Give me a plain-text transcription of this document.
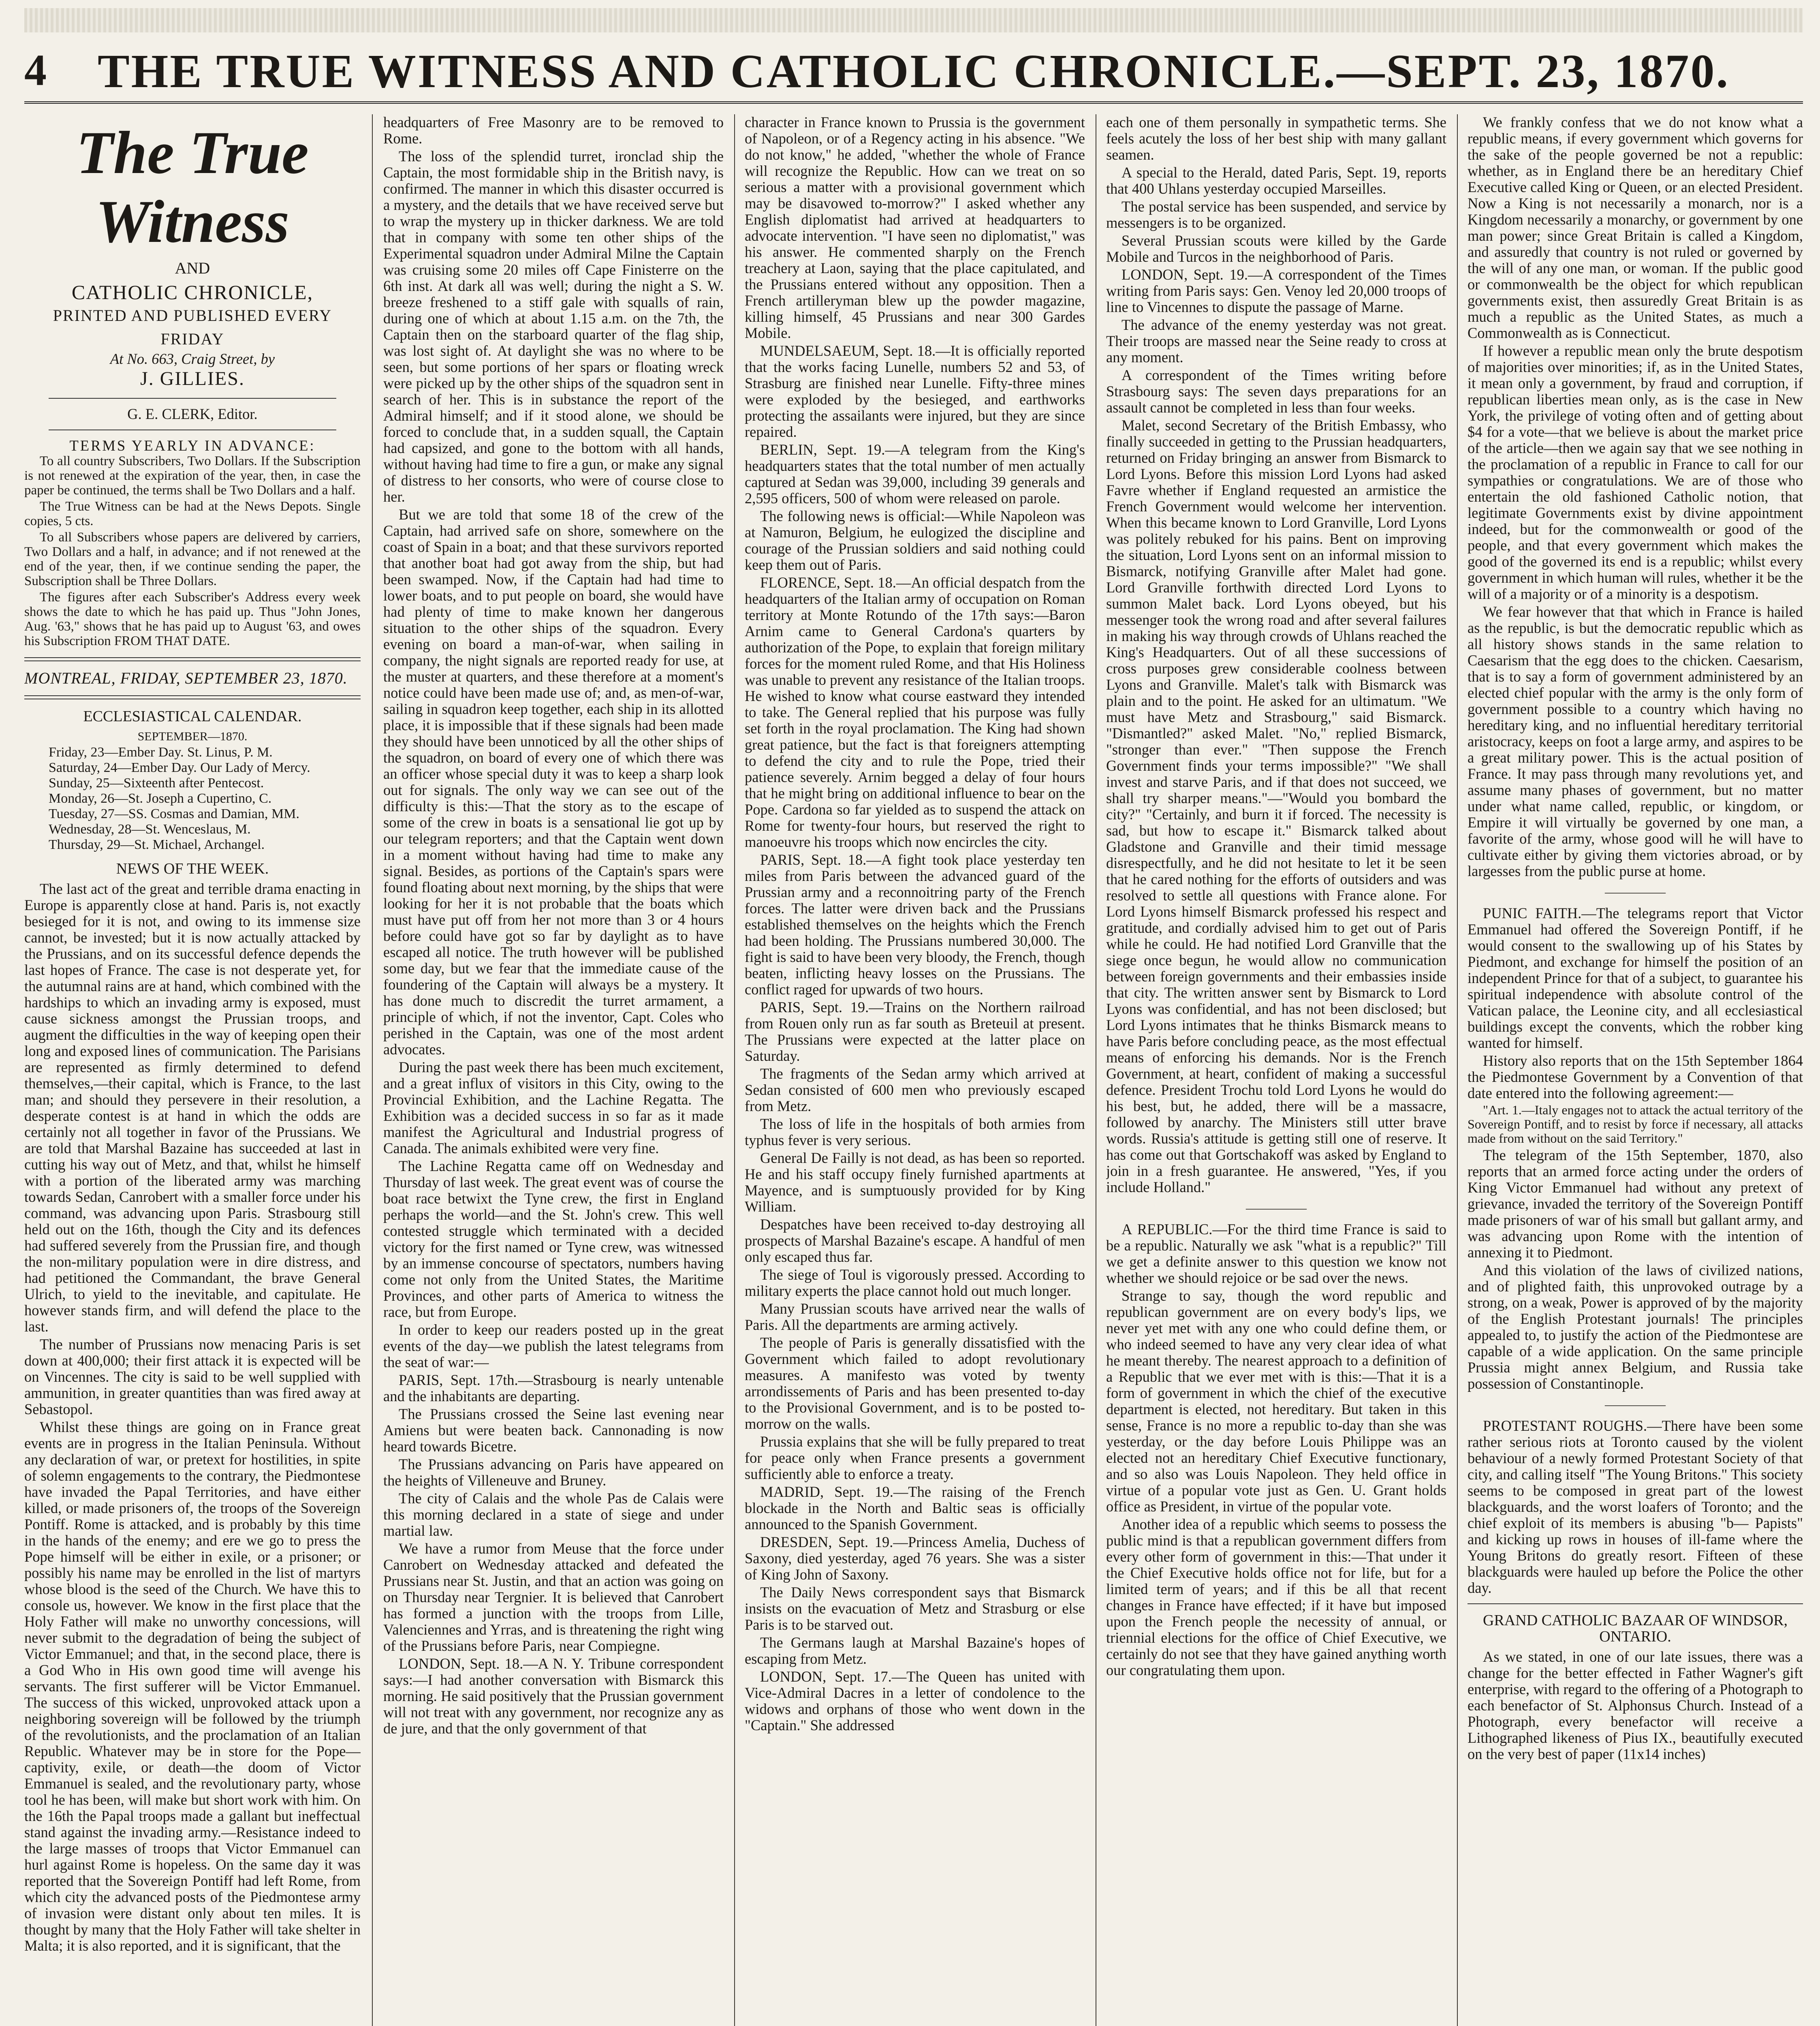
4	THE TRUE WITNESS AND CATHOLIC CHRONICLE.—SEPT. 23, 1870.
The True Witness
AND
CATHOLIC CHRONICLE,
PRINTED AND PUBLISHED EVERY FRIDAY
At No. 663, Craig Street, by
J. GILLIES.
G. E. CLERK, Editor.
TERMS YEARLY IN ADVANCE:

To all country Subscribers, Two Dollars. If the Subscription is not renewed at the expiration of the year, then, in case the paper be continued, the terms shall be Two Dollars and a half.

The True Witness can be had at the News Depots. Single copies, 5 cts.

To all Subscribers whose papers are delivered by carriers, Two Dollars and a half, in advance; and if not renewed at the end of the year, then, if we continue sending the paper, the Subscription shall be Three Dollars.

The figures after each Subscriber's Address every week shows the date to which he has paid up. Thus "John Jones, Aug. '63," shows that he has paid up to August '63, and owes his Subscription FROM THAT DATE.

MONTREAL, FRIDAY, SEPTEMBER 23, 1870.
ECCLESIASTICAL CALENDAR.
SEPTEMBER—1870.
Friday, 23—Ember Day. St. Linus, P. M.
Saturday, 24—Ember Day. Our Lady of Mercy.
Sunday, 25—Sixteenth after Pentecost.
Monday, 26—St. Joseph a Cupertino, C.
Tuesday, 27—SS. Cosmas and Damian, MM.
Wednesday, 28—St. Wenceslaus, M.
Thursday, 29—St. Michael, Archangel.
NEWS OF THE WEEK.

The last act of the great and terrible drama enacting in Europe is apparently close at hand. Paris is, not exactly besieged for it is not, and owing to its immense size cannot, be invested; but it is now actually attacked by the Prussians, and on its successful defence depends the last hopes of France. The case is not desperate yet, for the autumnal rains are at hand, which combined with the hardships to which an invading army is exposed, must cause sickness amongst the Prussian troops, and augment the difficulties in the way of keeping open their long and exposed lines of communication. The Parisians are represented as firmly determined to defend themselves,—their capital, which is France, to the last man; and should they persevere in their resolution, a desperate contest is at hand in which the odds are certainly not all together in favor of the Prussians. We are told that Marshal Bazaine has succeeded at last in cutting his way out of Metz, and that, whilst he himself with a portion of the liberated army was marching towards Sedan, Canrobert with a smaller force under his command, was advancing upon Paris. Strasbourg still held out on the 16th, though the City and its defences had suffered severely from the Prussian fire, and though the non-military population were in dire distress, and had petitioned the Commandant, the brave General Ulrich, to yield to the inevitable, and capitulate. He however stands firm, and will defend the place to the last.

The number of Prussians now menacing Paris is set down at 400,000; their first attack it is expected will be on Vincennes. The city is said to be well supplied with ammunition, in greater quantities than was fired away at Sebastopol.

Whilst these things are going on in France great events are in progress in the Italian Peninsula. Without any declaration of war, or pretext for hostilities, in spite of solemn engagements to the contrary, the Piedmontese have invaded the Papal Territories, and have either killed, or made prisoners of, the troops of the Sovereign Pontiff. Rome is attacked, and is probably by this time in the hands of the enemy; and ere we go to press the Pope himself will be either in exile, or a prisoner; or possibly his name may be enrolled in the list of martyrs whose blood is the seed of the Church. We have this to console us, however. We know in the first place that the Holy Father will make no unworthy concessions, will never submit to the degradation of being the subject of Victor Emmanuel; and that, in the second place, there is a God Who in His own good time will avenge his servants. The first sufferer will be Victor Emmanuel. The success of this wicked, unprovoked attack upon a neighboring sovereign will be followed by the triumph of the revolutionists, and the proclamation of an Italian Republic. Whatever may be in store for the Pope—captivity, exile, or death—the doom of Victor Emmanuel is sealed, and the revolutionary party, whose tool he has been, will make but short work with him. On the 16th the Papal troops made a gallant but ineffectual stand against the invading army.—Resistance indeed to the large masses of troops that Victor Emmanuel can hurl against Rome is hopeless. On the same day it was reported that the Sovereign Pontiff had left Rome, from which city the advanced posts of the Piedmontese army of invasion were distant only about ten miles. It is thought by many that the Holy Father will take shelter in Malta; it is also reported, and it is significant, that the

headquarters of Free Masonry are to be removed to Rome.

The loss of the splendid turret, ironclad ship the Captain, the most formidable ship in the British navy, is confirmed. The manner in which this disaster occurred is a mystery, and the details that we have received serve but to wrap the mystery up in thicker darkness. We are told that in company with some ten other ships of the Experimental squadron under Admiral Milne the Captain was cruising some 20 miles off Cape Finisterre on the 6th inst. At dark all was well; during the night a S. W. breeze freshened to a stiff gale with squalls of rain, during one of which at about 1.15 a.m. on the 7th, the Captain then on the starboard quarter of the flag ship, was lost sight of. At daylight she was no where to be seen, but some portions of her spars or floating wreck were picked up by the other ships of the squadron sent in search of her. This is in substance the report of the Admiral himself; and if it stood alone, we should be forced to conclude that, in a sudden squall, the Captain had capsized, and gone to the bottom with all hands, without having had time to fire a gun, or make any signal of distress to her consorts, who were of course close to her.

But we are told that some 18 of the crew of the Captain, had arrived safe on shore, somewhere on the coast of Spain in a boat; and that these survivors reported that another boat had got away from the ship, but had been swamped. Now, if the Captain had had time to lower boats, and to put people on board, she would have had plenty of time to make known her dangerous situation to the other ships of the squadron. Every evening on board a man-of-war, when sailing in company, the night signals are reported ready for use, at the muster at quarters, and these therefore at a moment's notice could have been made use of; and, as men-of-war, sailing in squadron keep together, each ship in its allotted place, it is impossible that if these signals had been made they should have been unnoticed by all the other ships of the squadron, on board of every one of which there was an officer whose special duty it was to keep a sharp look out for signals. The only way we can see out of the difficulty is this:—That the story as to the escape of some of the crew in boats is a sensational lie got up by our telegram reporters; and that the Captain went down in a moment without having had time to make any signal. Besides, as portions of the Captain's spars were found floating about next morning, by the ships that were looking for her it is not probable that the boats which must have put off from her not more than 3 or 4 hours before could have got so far by daylight as to have escaped all notice. The truth however will be published some day, but we fear that the immediate cause of the foundering of the Captain will always be a mystery. It has done much to discredit the turret armament, a principle of which, if not the inventor, Capt. Coles who perished in the Captain, was one of the most ardent advocates.

During the past week there has been much excitement, and a great influx of visitors in this City, owing to the Provincial Exhibition, and the Lachine Regatta. The Exhibition was a decided success in so far as it made manifest the Agricultural and Industrial progress of Canada. The animals exhibited were very fine.

The Lachine Regatta came off on Wednesday and Thursday of last week. The great event was of course the boat race betwixt the Tyne crew, the first in England perhaps the world—and the St. John's crew. This well contested struggle which terminated with a decided victory for the first named or Tyne crew, was witnessed by an immense concourse of spectators, numbers having come not only from the United States, the Maritime Provinces, and other parts of America to witness the race, but from Europe.

In order to keep our readers posted up in the great events of the day—we publish the latest telegrams from the seat of war:—

PARIS, Sept. 17th.—Strasbourg is nearly untenable and the inhabitants are departing.

The Prussians crossed the Seine last evening near Amiens but were beaten back. Cannonading is now heard towards Bicetre.

The Prussians advancing on Paris have appeared on the heights of Villeneuve and Bruney.

The city of Calais and the whole Pas de Calais were this morning declared in a state of siege and under martial law.

We have a rumor from Meuse that the force under Canrobert on Wednesday attacked and defeated the Prussians near St. Justin, and that an action was going on on Thursday near Tergnier. It is believed that Canrobert has formed a junction with the troops from Lille, Valenciennes and Yrras, and is threatening the right wing of the Prussians before Paris, near Compiegne.

LONDON, Sept. 18.—A N. Y. Tribune correspondent says:—I had another conversation with Bismarck this morning. He said positively that the Prussian government will not treat with any government, nor recognize any as de jure, and that the only government of that

character in France known to Prussia is the government of Napoleon, or of a Regency acting in his absence. "We do not know," he added, "whether the whole of France will recognize the Republic. How can we treat on so serious a matter with a provisional government which may be disavowed to-morrow?" I asked whether any English diplomatist had arrived at headquarters to advocate intervention. "I have seen no diplomatist," was his answer. He commented sharply on the French treachery at Laon, saying that the place capitulated, and the Prussians entered without any opposition. Then a French artilleryman blew up the powder magazine, killing himself, 45 Prussians and near 300 Gardes Mobile.

MUNDELSAEUM, Sept. 18.—It is officially reported that the works facing Lunelle, numbers 52 and 53, of Strasburg are finished near Lunelle. Fifty-three mines were exploded by the besieged, and earthworks protecting the assailants were injured, but they are since repaired.

BERLIN, Sept. 19.—A telegram from the King's headquarters states that the total number of men actually captured at Sedan was 39,000, including 39 generals and 2,595 officers, 500 of whom were released on parole.

The following news is official:—While Napoleon was at Namuron, Belgium, he eulogized the discipline and courage of the Prussian soldiers and said nothing could keep them out of Paris.

FLORENCE, Sept. 18.—An official despatch from the headquarters of the Italian army of occupation on Roman territory at Monte Rotundo of the 17th says:—Baron Arnim came to General Cardona's quarters by authorization of the Pope, to explain that foreign military forces for the moment ruled Rome, and that His Holiness was unable to prevent any resistance of the Italian troops. He wished to know what course eastward they intended to take. The General replied that his purpose was fully set forth in the royal proclamation. The King had shown great patience, but the fact is that foreigners attempting to defend the city and to rule the Pope, tried their patience severely. Arnim begged a delay of four hours that he might bring on additional influence to bear on the Pope. Cardona so far yielded as to suspend the attack on Rome for twenty-four hours, but reserved the right to manoeuvre his troops which now encircles the city.

PARIS, Sept. 18.—A fight took place yesterday ten miles from Paris between the advanced guard of the Prussian army and a reconnoitring party of the French forces. The latter were driven back and the Prussians established themselves on the heights which the French had been holding. The Prussians numbered 30,000. The fight is said to have been very bloody, the French, though beaten, inflicting heavy losses on the Prussians. The conflict raged for upwards of two hours.

PARIS, Sept. 19.—Trains on the Northern railroad from Rouen only run as far south as Breteuil at present. The Prussians were expected at the latter place on Saturday.

The fragments of the Sedan army which arrived at Sedan consisted of 600 men who previously escaped from Metz.

The loss of life in the hospitals of both armies from typhus fever is very serious.

General De Failly is not dead, as has been so reported. He and his staff occupy finely furnished apartments at Mayence, and is sumptuously provided for by King William.

Despatches have been received to-day destroying all prospects of Marshal Bazaine's escape. A handful of men only escaped thus far.

The siege of Toul is vigorously pressed. According to military experts the place cannot hold out much longer.

Many Prussian scouts have arrived near the walls of Paris. All the departments are arming actively.

The people of Paris is generally dissatisfied with the Government which failed to adopt revolutionary measures. A manifesto was voted by twenty arrondissements of Paris and has been presented to-day to the Provisional Government, and is to be posted to-morrow on the walls.

Prussia explains that she will be fully prepared to treat for peace only when France presents a government sufficiently able to enforce a treaty.

MADRID, Sept. 19.—The raising of the French blockade in the North and Baltic seas is officially announced to the Spanish Government.

DRESDEN, Sept. 19.—Princess Amelia, Duchess of Saxony, died yesterday, aged 76 years. She was a sister of King John of Saxony.

The Daily News correspondent says that Bismarck insists on the evacuation of Metz and Strasburg or else Paris is to be starved out.

The Germans laugh at Marshal Bazaine's hopes of escaping from Metz.

LONDON, Sept. 17.—The Queen has united with Vice-Admiral Dacres in a letter of condolence to the widows and orphans of those who went down in the "Captain." She addressed

each one of them personally in sympathetic terms. She feels acutely the loss of her best ship with many gallant seamen.

A special to the Herald, dated Paris, Sept. 19, reports that 400 Uhlans yesterday occupied Marseilles.

The postal service has been suspended, and service by messengers is to be organized.

Several Prussian scouts were killed by the Garde Mobile and Turcos in the neighborhood of Paris.

LONDON, Sept. 19.—A correspondent of the Times writing from Paris says: Gen. Venoy led 20,000 troops of line to Vincennes to dispute the passage of Marne.

The advance of the enemy yesterday was not great. Their troops are massed near the Seine ready to cross at any moment.

A correspondent of the Times writing before Strasbourg says: The seven days preparations for an assault cannot be completed in less than four weeks.

Malet, second Secretary of the British Embassy, who finally succeeded in getting to the Prussian headquarters, returned on Friday bringing an answer from Bismarck to Lord Lyons. Before this mission Lord Lyons had asked Favre whether if England requested an armistice the French Government would welcome her intervention. When this became known to Lord Granville, Lord Lyons was politely rebuked for his pains. Bent on improving the situation, Lord Lyons sent on an informal mission to Bismarck, notifying Granville after Malet had gone. Lord Granville forthwith directed Lord Lyons to summon Malet back. Lord Lyons obeyed, but his messenger took the wrong road and after several failures in making his way through crowds of Uhlans reached the King's Headquarters. Out of all these successions of cross purposes grew considerable coolness between Lyons and Granville. Malet's talk with Bismarck was plain and to the point. He asked for an ultimatum. "We must have Metz and Strasbourg," said Bismarck. "Dismantled?" asked Malet. "No," replied Bismarck, "stronger than ever." "Then suppose the French Government finds your terms impossible?" "We shall invest and starve Paris, and if that does not succeed, we shall try sharper means."—"Would you bombard the city?" "Certainly, and burn it if forced. The necessity is sad, but how to escape it." Bismarck talked about Gladstone and Granville and their timid message disrespectfully, and he did not hesitate to let it be seen that he cared nothing for the efforts of outsiders and was resolved to settle all questions with France alone. For Lord Lyons himself Bismarck professed his respect and gratitude, and cordially advised him to get out of Paris while he could. He had notified Lord Granville that the siege once begun, he would allow no communication between foreign governments and their embassies inside that city. The written answer sent by Bismarck to Lord Lyons was confidential, and has not been disclosed; but Lord Lyons intimates that he thinks Bismarck means to have Paris before concluding peace, as the most effectual means of enforcing his demands. Nor is the French Government, at heart, confident of making a successful defence. President Trochu told Lord Lyons he would do his best, but, he added, there will be a massacre, followed by anarchy. The Ministers still utter brave words. Russia's attitude is getting still one of reserve. It has come out that Gortschakoff was asked by England to join in a fresh guarantee. He answered, "Yes, if you include Holland."

—————

A REPUBLIC.—For the third time France is said to be a republic. Naturally we ask "what is a republic?" Till we get a definite answer to this question we know not whether we should rejoice or be sad over the news.

Strange to say, though the word republic and republican government are on every body's lips, we never yet met with any one who could define them, or who indeed seemed to have any very clear idea of what he meant thereby. The nearest approach to a definition of a Republic that we ever met with is this:—That it is a form of government in which the chief of the executive department is elected, not hereditary. But taken in this sense, France is no more a republic to-day than she was yesterday, or the day before Louis Philippe was an elected not an hereditary Chief Executive functionary, and so also was Louis Napoleon. They held office in virtue of a popular vote just as Gen. U. Grant holds office as President, in virtue of the popular vote.

Another idea of a republic which seems to possess the public mind is that a republican government differs from every other form of government in this:—That under it the Chief Executive holds office not for life, but for a limited term of years; and if this be all that recent changes in France have effected; if it have but imposed upon the French people the necessity of annual, or triennial elections for the office of Chief Executive, we certainly do not see that they have gained anything worth our congratulating them upon.

We frankly confess that we do not know what a republic means, if every government which governs for the sake of the people governed be not a republic: whether, as in England there be an hereditary Chief Executive called King or Queen, or an elected President. Now a King is not necessarily a monarch, nor is a Kingdom necessarily a monarchy, or government by one man power; since Great Britain is called a Kingdom, and assuredly that country is not ruled or governed by the will of any one man, or woman. If the public good or commonwealth be the object for which republican governments exist, then assuredly Great Britain is as much a republic as the United States, as much a Commonwealth as is Connecticut.

If however a republic mean only the brute despotism of majorities over minorities; if, as in the United States, it mean only a government, by fraud and corruption, if republican liberties mean only, as is the case in New York, the privilege of voting often and of getting about $4 for a vote—that we believe is about the market price of the article—then we again say that we see nothing in the proclamation of a republic in France to call for our sympathies or congratulations. We are of those who entertain the old fashioned Catholic notion, that legitimate Governments exist by divine appointment indeed, but for the commonwealth or good of the people, and that every government which makes the good of the governed its end is a republic; whilst every government in which human will rules, whether it be the will of a majority or of a minority is a despotism.

We fear however that that which in France is hailed as the republic, is but the democratic republic which as all history shows stands in the same relation to Caesarism that the egg does to the chicken. Caesarism, that is to say a form of government administered by an elected chief popular with the army is the only form of government possible to a country which having no hereditary king, and no influential hereditary territorial aristocracy, keeps on foot a large army, and aspires to be a great military power. This is the actual position of France. It may pass through many revolutions yet, and assume many phases of government, but no matter under what name called, republic, or kingdom, or Empire it will virtually be governed by one man, a favorite of the army, whose good will he will have to cultivate either by giving them victories abroad, or by largesses from the public purse at home.

—————

PUNIC FAITH.—The telegrams report that Victor Emmanuel had offered the Sovereign Pontiff, if he would consent to the swallowing up of his States by Piedmont, and exchange for himself the position of an independent Prince for that of a subject, to guarantee his spiritual independence with absolute control of the Vatican palace, the Leonine city, and all ecclesiastical buildings except the convents, which the robber king wanted for himself.

History also reports that on the 15th September 1864 the Piedmontese Government by a Convention of that date entered into the following agreement:—

"Art. 1.—Italy engages not to attack the actual territory of the Sovereign Pontiff, and to resist by force if necessary, all attacks made from without on the said Territory."

The telegram of the 15th September, 1870, also reports that an armed force acting under the orders of King Victor Emmanuel had without any pretext of grievance, invaded the territory of the Sovereign Pontiff made prisoners of war of his small but gallant army, and was advancing upon Rome with the intention of annexing it to Piedmont.

And this violation of the laws of civilized nations, and of plighted faith, this unprovoked outrage by a strong, on a weak, Power is approved of by the majority of the English Protestant journals! The principles appealed to, to justify the action of the Piedmontese are capable of a wide application. On the same principle Prussia might annex Belgium, and Russia take possession of Constantinople.

—————

PROTESTANT ROUGHS.—There have been some rather serious riots at Toronto caused by the violent behaviour of a newly formed Protestant Society of that city, and calling itself "The Young Britons." This society seems to be composed in great part of the lowest blackguards, and the worst loafers of Toronto; and the chief exploit of its members is abusing "b— Papists" and kicking up rows in houses of ill-fame where the Young Britons do greatly resort. Fifteen of these blackguards were hauled up before the Police the other day.

GRAND CATHOLIC BAZAAR OF WINDSOR, ONTARIO.

As we stated, in one of our late issues, there was a change for the better effected in Father Wagner's gift enterprise, with regard to the offering of a Photograph to each benefactor of St. Alphonsus Church. Instead of a Photograph, every benefactor will receive a Lithographed likeness of Pius IX., beautifully executed on the very best of paper (11x14 inches)
